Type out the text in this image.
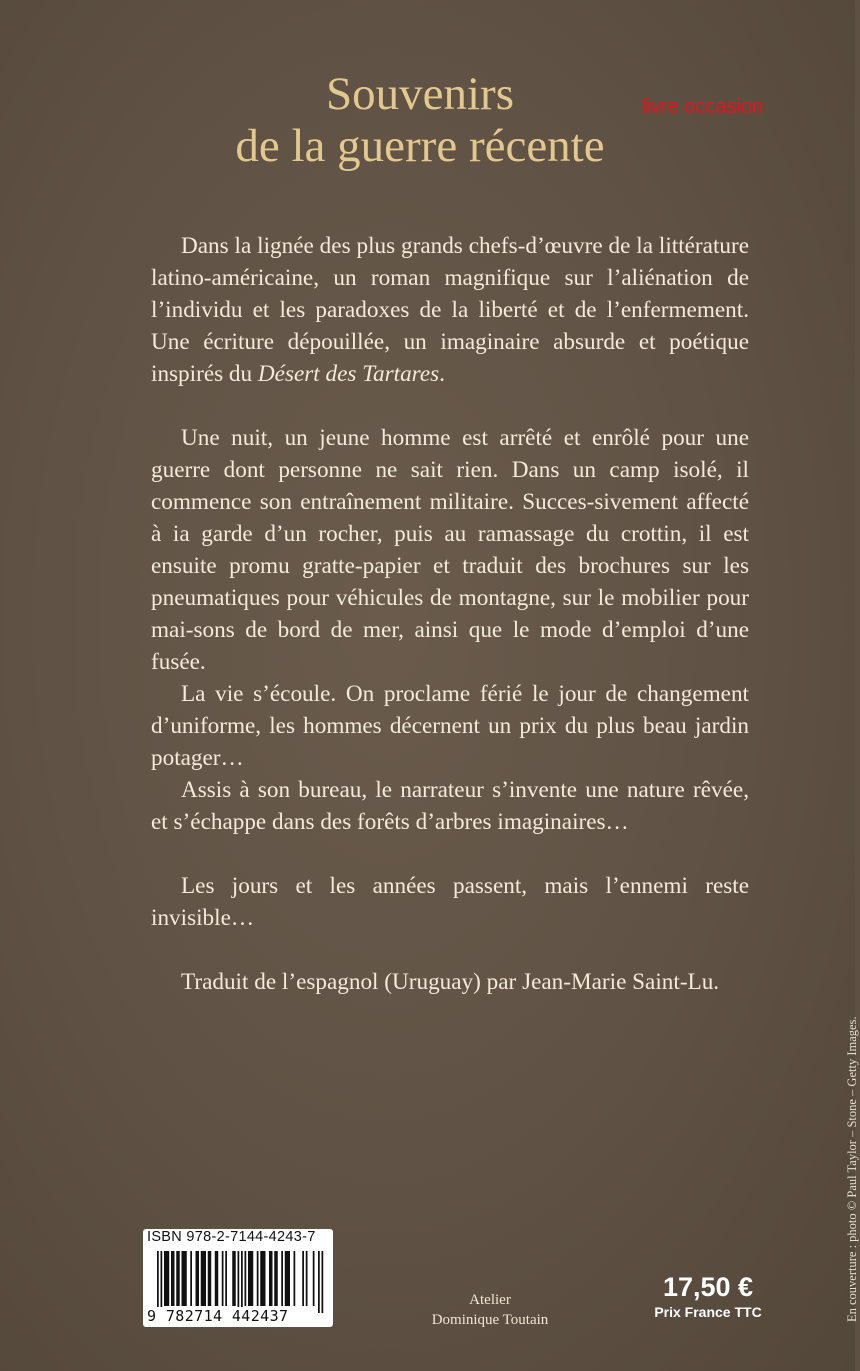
Souvenirs
de la guerre récente
livre occasion

Dans la lignée des plus grands chefs-d’œuvre de la littérature latino-américaine, un roman magnifique sur l’aliénation de l’individu et les paradoxes de la liberté et de l’enfermement. Une écriture dépouillée, un imaginaire absurde et poétique inspirés du Désert des Tartares.

Une nuit, un jeune homme est arrêté et enrôlé pour une guerre dont personne ne sait rien. Dans un camp isolé, il commence son entraînement militaire. Succes-sivement affecté à ia garde d’un rocher, puis au ramassage du crottin, il est ensuite promu gratte-papier et traduit des brochures sur les pneumatiques pour véhicules de montagne, sur le mobilier pour mai-sons de bord de mer, ainsi que le mode d’emploi d’une fusée.

La vie s’écoule. On proclame férié le jour de changement d’uniforme, les hommes décernent un prix du plus beau jardin potager…

Assis à son bureau, le narrateur s’invente une nature rêvée, et s’échappe dans des forêts d’arbres imaginaires…

Les jours et les années passent, mais l’ennemi reste invisible…

Traduit de l’espagnol (Uruguay) par Jean-Marie Saint-Lu.

En couverture : photo © Paul Taylor – Stone – Getty Images.
ISBN 978-2-7144-4243-7
9 782714 442437
Atelier
Dominique Toutain
17,50 €
Prix France TTC
